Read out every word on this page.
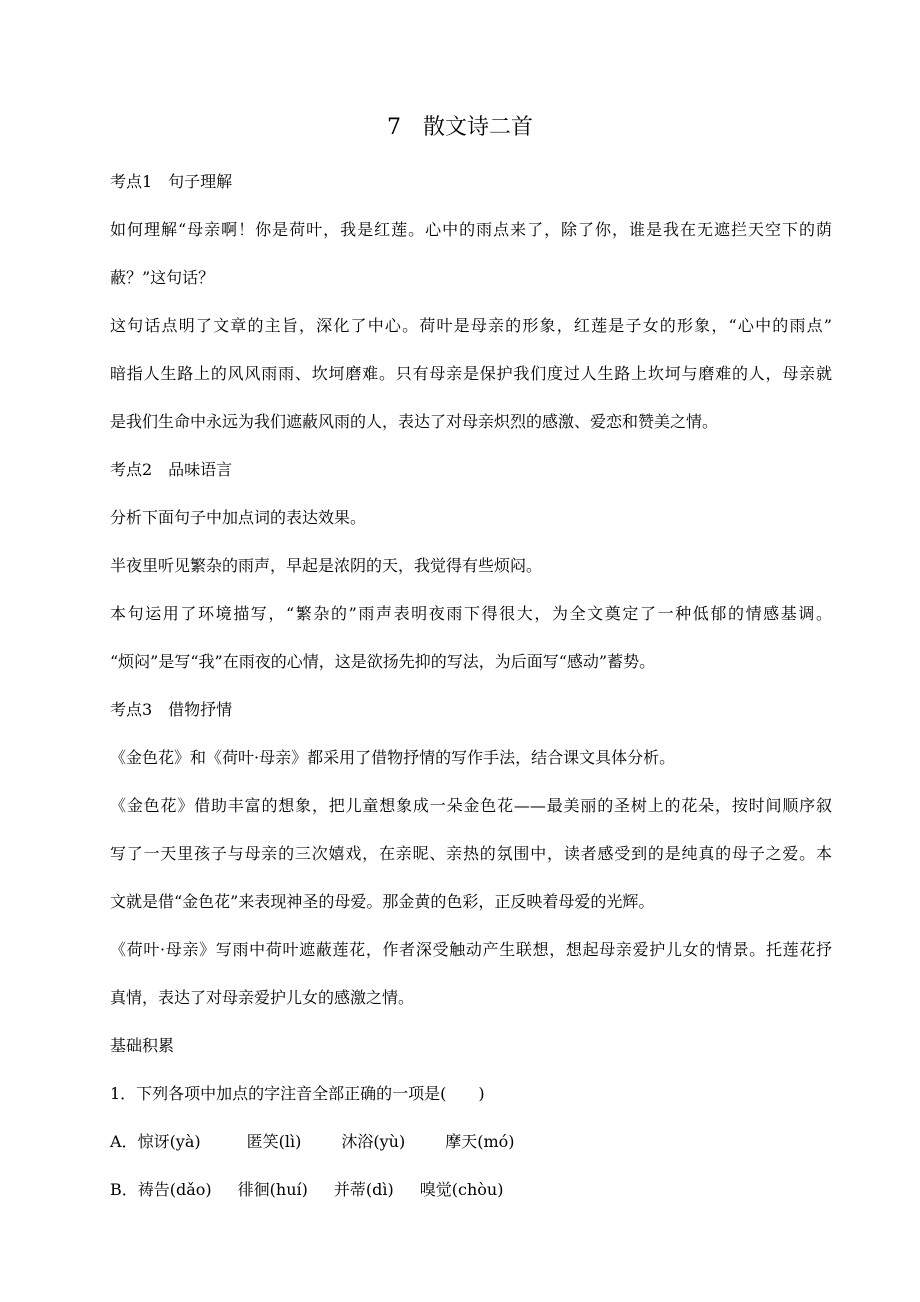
7 散文诗二首
考点1　句子理解
如何理解“母亲啊！你是荷叶，我是红莲。心中的雨点来了，除了你，谁是我在无遮拦天空下的荫
蔽？”这句话？
这句话点明了文章的主旨，深化了中心。荷叶是母亲的形象，红莲是子女的形象，“心中的雨点”
暗指人生路上的风风雨雨、坎坷磨难。只有母亲是保护我们度过人生路上坎坷与磨难的人，母亲就
是我们生命中永远为我们遮蔽风雨的人，表达了对母亲炽烈的感激、爱恋和赞美之情。
考点2　品味语言
分析下面句子中加点词的表达效果。
半夜里听见繁杂的雨声，早起是浓阴的天，我觉得有些烦闷。
本句运用了环境描写，“繁杂的”雨声表明夜雨下得很大，为全文奠定了一种低郁的情感基调。
“烦闷”是写“我”在雨夜的心情，这是欲扬先抑的写法，为后面写“感动”蓄势。
考点3　借物抒情
《金色花》和《荷叶·母亲》都采用了借物抒情的写作手法，结合课文具体分析。
《金色花》借助丰富的想象，把儿童想象成一朵金色花——最美丽的圣树上的花朵，按时间顺序叙
写了一天里孩子与母亲的三次嬉戏，在亲昵、亲热的氛围中，读者感受到的是纯真的母子之爱。本
文就是借“金色花”来表现神圣的母爱。那金黄的色彩，正反映着母爱的光辉。
《荷叶·母亲》写雨中荷叶遮蔽莲花，作者深受触动产生联想，想起母亲爱护儿女的情景。托莲花抒
真情，表达了对母亲爱护儿女的感激之情。
基础积累
1．下列各项中加点的字注音全部正确的一项是(　　)
A．惊讶(yà)	匿笑(lì)	沐浴(yù)	摩天(mó)
B．祷告(dǎo) 徘徊(huí) 并蒂(dì) 嗅觉(chòu)
